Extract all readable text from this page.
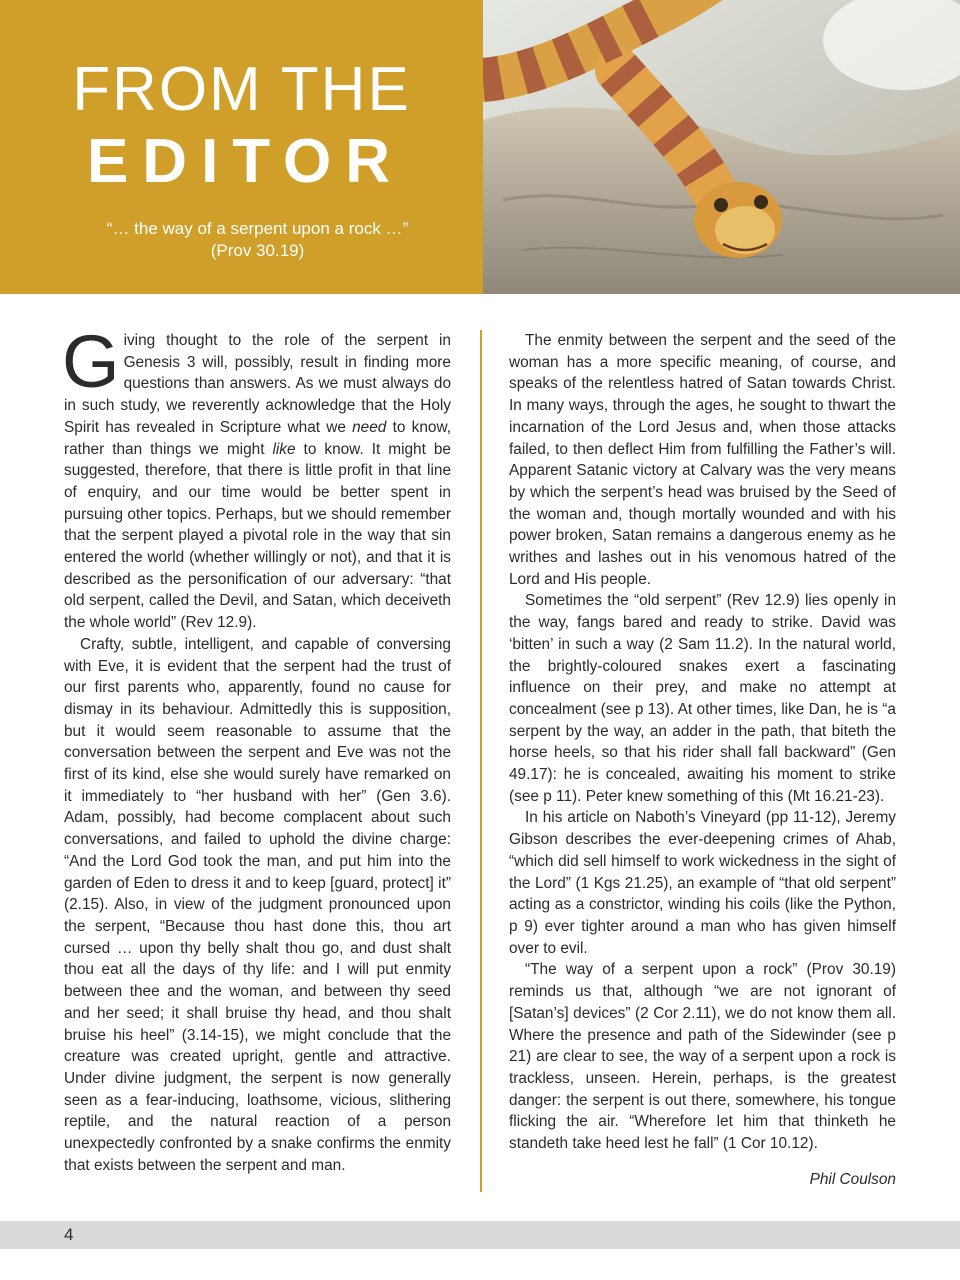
FROM THE
EDITOR
“… the way of a serpent upon a rock …”
(Prov 30.19)

Giving thought to the role of the serpent in Genesis 3 will, possibly, result in finding more questions than answers. As we must always do in such study, we reverently acknowledge that the Holy Spirit has revealed in Scripture what we need to know, rather than things we might like to know. It might be suggested, therefore, that there is little profit in that line of enquiry, and our time would be better spent in pursuing other topics. Perhaps, but we should remember that the serpent played a pivotal role in the way that sin entered the world (whether willingly or not), and that it is described as the personification of our adversary: “that old serpent, called the Devil, and Satan, which deceiveth the whole world” (Rev 12.9).

Crafty, subtle, intelligent, and capable of conversing with Eve, it is evident that the serpent had the trust of our first parents who, apparently, found no cause for dismay in its behaviour. Admittedly this is supposition, but it would seem reasonable to assume that the conversation between the serpent and Eve was not the first of its kind, else she would surely have remarked on it immediately to “her husband with her” (Gen 3.6). Adam, possibly, had become complacent about such conversations, and failed to uphold the divine charge: “And the Lord God took the man, and put him into the garden of Eden to dress it and to keep [guard, protect] it” (2.15). Also, in view of the judgment pronounced upon the serpent, “Because thou hast done this, thou art cursed … upon thy belly shalt thou go, and dust shalt thou eat all the days of thy life: and I will put enmity between thee and the woman, and between thy seed and her seed; it shall bruise thy head, and thou shalt bruise his heel” (3.14-15), we might conclude that the creature was created upright, gentle and attractive. Under divine judgment, the serpent is now generally seen as a fear-inducing, loathsome, vicious, slithering reptile, and the natural reaction of a person unexpectedly confronted by a snake confirms the enmity that exists between the serpent and man.

The enmity between the serpent and the seed of the woman has a more specific meaning, of course, and speaks of the relentless hatred of Satan towards Christ. In many ways, through the ages, he sought to thwart the incarnation of the Lord Jesus and, when those attacks failed, to then deflect Him from fulfilling the Father’s will. Apparent Satanic victory at Calvary was the very means by which the serpent’s head was bruised by the Seed of the woman and, though mortally wounded and with his power broken, Satan remains a dangerous enemy as he writhes and lashes out in his venomous hatred of the Lord and His people.

Sometimes the “old serpent” (Rev 12.9) lies openly in the way, fangs bared and ready to strike. David was ‘bitten’ in such a way (2 Sam 11.2). In the natural world, the brightly-coloured snakes exert a fascinating influence on their prey, and make no attempt at concealment (see p 13). At other times, like Dan, he is “a serpent by the way, an adder in the path, that biteth the horse heels, so that his rider shall fall backward” (Gen 49.17): he is concealed, awaiting his moment to strike (see p 11). Peter knew something of this (Mt 16.21-23).

In his article on Naboth’s Vineyard (pp 11-12), Jeremy Gibson describes the ever-deepening crimes of Ahab, “which did sell himself to work wickedness in the sight of the Lord” (1 Kgs 21.25), an example of “that old serpent” acting as a constrictor, winding his coils (like the Python, p 9) ever tighter around a man who has given himself over to evil.

“The way of a serpent upon a rock” (Prov 30.19) reminds us that, although “we are not ignorant of [Satan’s] devices” (2 Cor 2.11), we do not know them all. Where the presence and path of the Sidewinder (see p 21) are clear to see, the way of a serpent upon a rock is trackless, unseen. Herein, perhaps, is the greatest danger: the serpent is out there, somewhere, his tongue flicking the air. “Wherefore let him that thinketh he standeth take heed lest he fall” (1 Cor 10.12).

Phil Coulson
4
